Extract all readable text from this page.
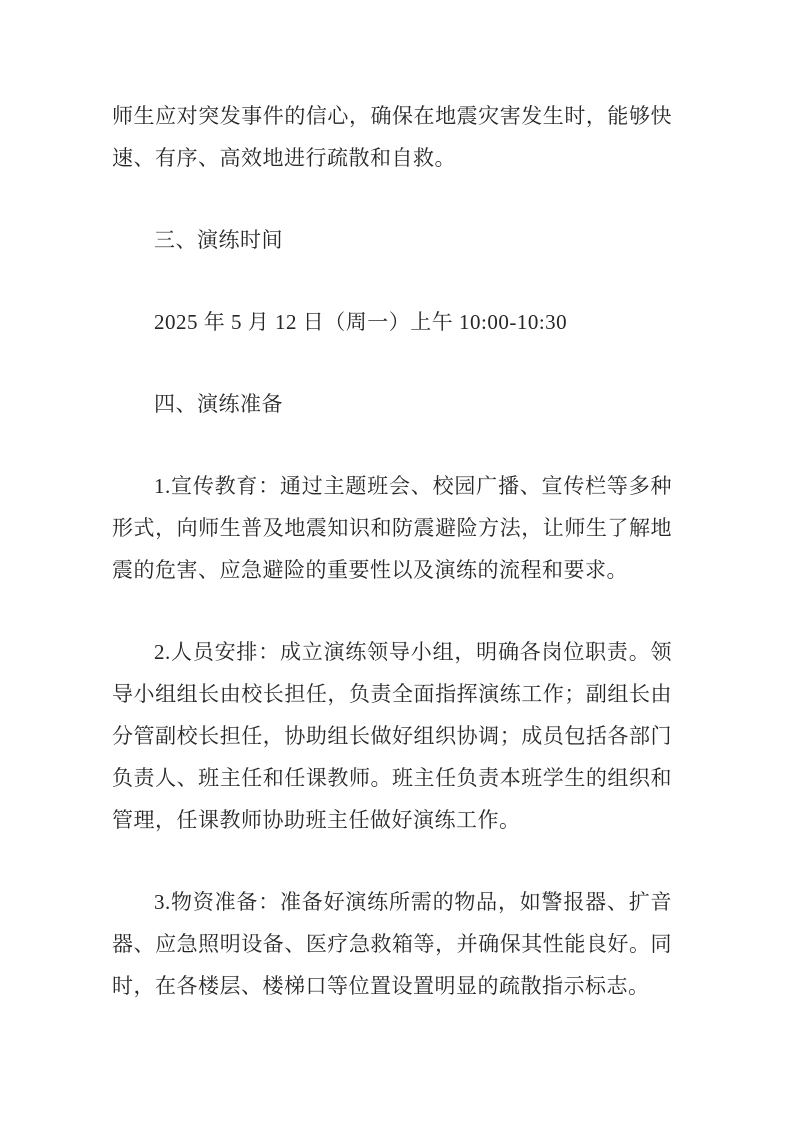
师生应对突发事件的信心，确保在地震灾害发生时，能够快速、有序、高效地进行疏散和自救。

三、演练时间

2025 年 5 月 12 日（周一）上午 10:00-10:30

四、演练准备

1.宣传教育：通过主题班会、校园广播、宣传栏等多种形式，向师生普及地震知识和防震避险方法，让师生了解地震的危害、应急避险的重要性以及演练的流程和要求。

2.人员安排：成立演练领导小组，明确各岗位职责。领导小组组长由校长担任，负责全面指挥演练工作；副组长由分管副校长担任，协助组长做好组织协调；成员包括各部门负责人、班主任和任课教师。班主任负责本班学生的组织和管理，任课教师协助班主任做好演练工作。

3.物资准备：准备好演练所需的物品，如警报器、扩音器、应急照明设备、医疗急救箱等，并确保其性能良好。同时，在各楼层、楼梯口等位置设置明显的疏散指示标志。
